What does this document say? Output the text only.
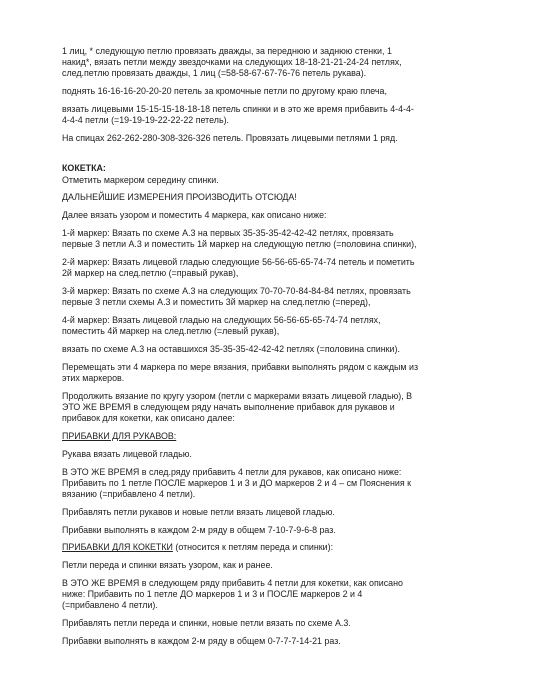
1 лиц, * следующую петлю провязать дважды, за переднюю и заднюю стенки, 1
накид*, вязать петли между звездочками на следующих 18-18-21-21-24-24 петлях,
след.петлю провязать дважды, 1 лиц (=58-58-67-67-76-76 петель рукава).
поднять 16-16-16-20-20-20 петель за кромочные петли по другому краю плеча,
вязать лицевыми 15-15-15-18-18-18 петель спинки и в это же время прибавить 4-4-4-
4-4-4 петли (=19-19-19-22-22-22 петель).
На спицах 262-262-280-308-326-326 петель. Провязать лицевыми петлями 1 ряд.
КОКЕТКА:
Отметить маркером середину спинки.
ДАЛЬНЕЙШИЕ ИЗМЕРЕНИЯ ПРОИЗВОДИТЬ ОТСЮДА!
Далее вязать узором и поместить 4 маркера, как описано ниже:
1-й маркер: Вязать по схеме А.3 на первых 35-35-35-42-42-42 петлях, провязать
первые 3 петли А.3 и поместить 1й маркер на следующую петлю (=половина спинки),
2-й маркер: Вязать лицевой гладью следующие 56-56-65-65-74-74 петель и пометить
2й маркер на след.петлю (=правый рукав),
3-й маркер: Вязать по схеме А.3 на следующих 70-70-70-84-84-84 петлях, провязать
первые 3 петли схемы А.3 и поместить 3й маркер на след.петлю (=перед),
4-й маркер: Вязать лицевой гладью на следующих 56-56-65-65-74-74 петлях,
поместить 4й маркер на след.петлю (=левый рукав),
вязать по схеме А.3 на оставшихся 35-35-35-42-42-42 петлях (=половина спинки).
Перемещать эти 4 маркера по мере вязания, прибавки выполнять рядом с каждым из
этих маркеров.
Продолжить вязание по кругу узором (петли с маркерами вязать лицевой гладью), В
ЭТО ЖЕ ВРЕМЯ в следующем ряду начать выполнение прибавок для рукавов и
прибавок для кокетки, как описано далее:
ПРИБАВКИ ДЛЯ РУКАВОВ:
Рукава вязать лицевой гладью.
В ЭТО ЖЕ ВРЕМЯ в след.ряду прибавить 4 петли для рукавов, как описано ниже:
Прибавить по 1 петле ПОСЛЕ маркеров 1 и 3 и ДО маркеров 2 и 4 – см Пояснения к
вязанию (=прибавлено 4 петли).
Прибавлять петли рукавов и новые петли вязать лицевой гладью.
Прибавки выполнять в каждом 2-м ряду в общем 7-10-7-9-6-8 раз.
ПРИБАВКИ ДЛЯ КОКЕТКИ (относится к петлям переда и спинки):
Петли переда и спинки вязать узором, как и ранее.
В ЭТО ЖЕ ВРЕМЯ в следующем ряду прибавить 4 петли для кокетки, как описано
ниже: Прибавить по 1 петле ДО маркеров 1 и 3 и ПОСЛЕ маркеров 2 и 4
(=прибавлено 4 петли).
Прибавлять петли переда и спинки, новые петли вязать по схеме А.3.
Прибавки выполнять в каждом 2-м ряду в общем 0-7-7-7-14-21 раз.
